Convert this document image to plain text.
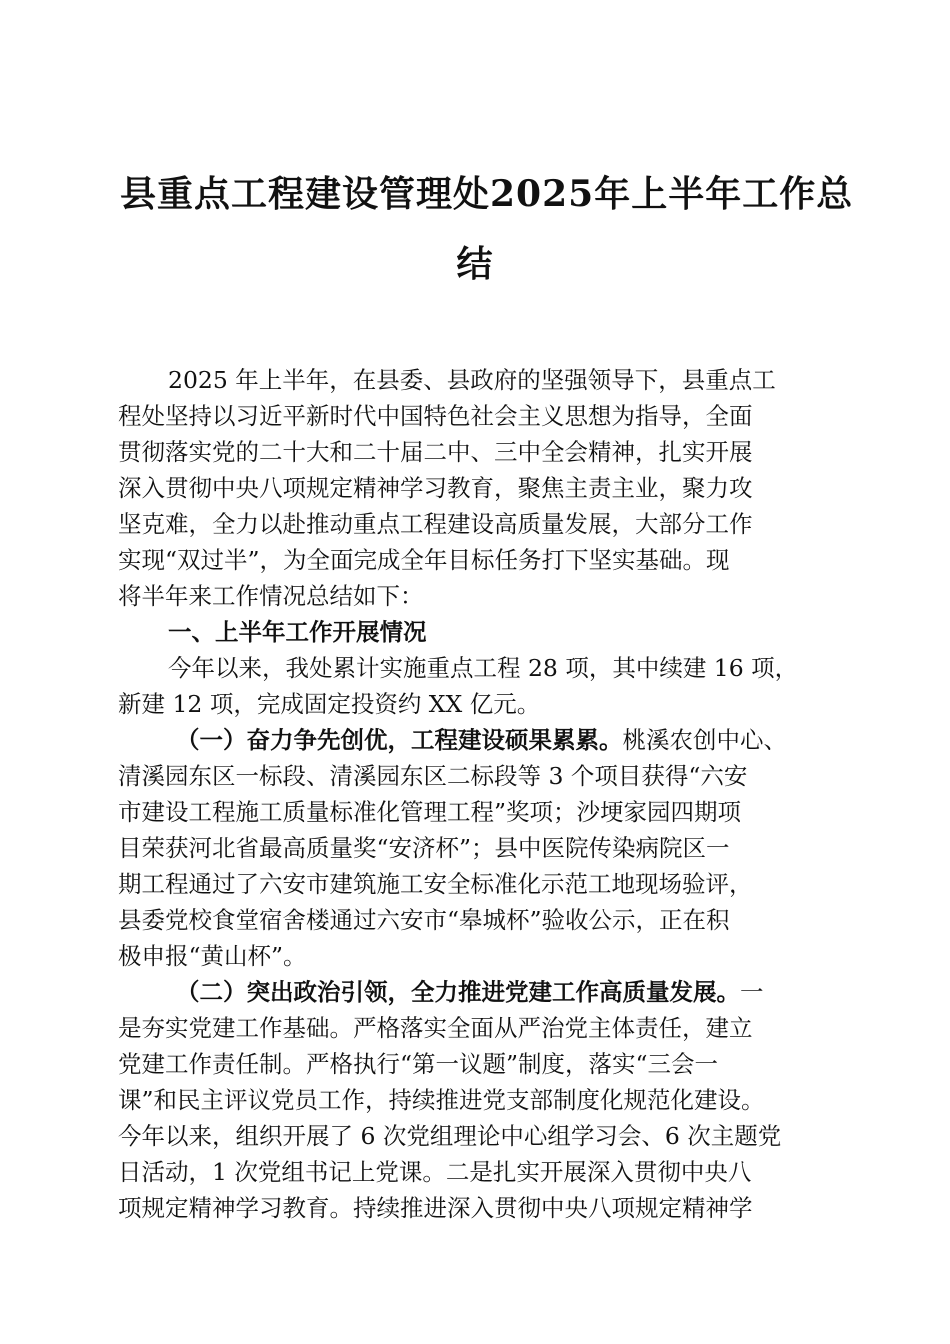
县重点工程建设管理处2025年上半年工作总
结
2025 年上半年，在县委、县政府的坚强领导下，县重点工
程处坚持以习近平新时代中国特色社会主义思想为指导，全面
贯彻落实党的二十大和二十届二中、三中全会精神，扎实开展
深入贯彻中央八项规定精神学习教育，聚焦主责主业，聚力攻
坚克难，全力以赴推动重点工程建设高质量发展，大部分工作
实现“双过半”，为全面完成全年目标任务打下坚实基础。现
将半年来工作情况总结如下：
一、上半年工作开展情况
今年以来，我处累计实施重点工程 28 项，其中续建 16 项，
新建 12 项，完成固定投资约 XX 亿元。
（一）奋力争先创优，工程建设硕果累累。桃溪农创中心、
清溪园东区一标段、清溪园东区二标段等 3 个项目获得“六安
市建设工程施工质量标准化管理工程”奖项；沙埂家园四期项
目荣获河北省最高质量奖“安济杯”；县中医院传染病院区一
期工程通过了六安市建筑施工安全标准化示范工地现场验评，
县委党校食堂宿舍楼通过六安市“皋城杯”验收公示，正在积
极申报“黄山杯”。
（二）突出政治引领，全力推进党建工作高质量发展。一
是夯实党建工作基础。严格落实全面从严治党主体责任，建立
党建工作责任制。严格执行“第一议题”制度，落实“三会一
课”和民主评议党员工作，持续推进党支部制度化规范化建设。
今年以来，组织开展了 6 次党组理论中心组学习会、6 次主题党
日活动，1 次党组书记上党课。二是扎实开展深入贯彻中央八
项规定精神学习教育。持续推进深入贯彻中央八项规定精神学
